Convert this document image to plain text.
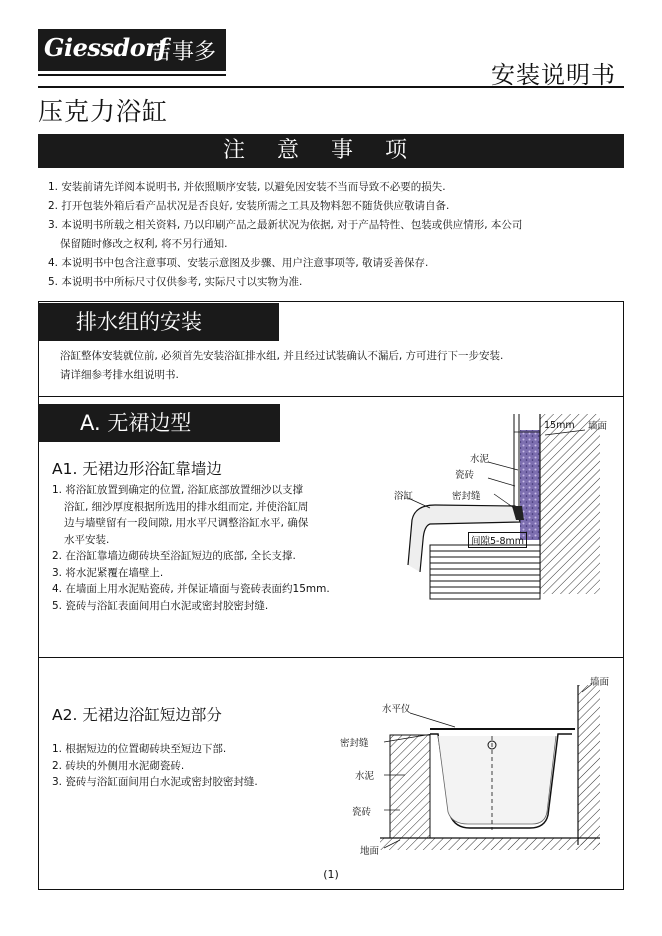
Giessdorf
吉事多
安装说明书
压克力浴缸
注意事项
1. 安装前请先详阅本说明书, 并依照顺序安装, 以避免因安装不当而导致不必要的损失.
2. 打开包装外箱后看产品状况是否良好, 安装所需之工具及物料恕不随货供应敬请自备.
3. 本说明书所载之相关资料, 乃以印刷产品之最新状况为依据, 对于产品特性、包装或供应情形, 本公司
保留随时修改之权利, 将不另行通知.
4. 本说明书中包含注意事项、安装示意图及步骤、用户注意事项等, 敬请妥善保存.
5. 本说明书中所标尺寸仅供参考, 实际尺寸以实物为准.
排水组的安装

浴缸整体安装就位前, 必须首先安装浴缸排水组, 并且经过试装确认不漏后, 方可进行下一步安装.

请详细参考排水组说明书.

A. 无裙边型
A1. 无裙边形浴缸靠墙边
1. 将浴缸放置到确定的位置, 浴缸底部放置细沙以支撑
浴缸, 细沙厚度根据所选用的排水组而定, 并使浴缸周
边与墙壁留有一段间隙, 用水平尺调整浴缸水平, 确保
水平安装.
2. 在浴缸靠墙边砌砖块至浴缸短边的底部, 全长支撑.
3. 将水泥紧覆在墙壁上.
4. 在墙面上用水泥贴瓷砖, 并保证墙面与瓷砖表面约15mm.
5. 瓷砖与浴缸表面间用白水泥或密封胶密封缝.
15mm 墙面
水泥
瓷砖
浴缸	密封缝
间隙5-8mm
A2. 无裙边浴缸短边部分
1. 根据短边的位置砌砖块至短边下部.
2. 砖块的外侧用水泥砌瓷砖.
3. 瓷砖与浴缸面间用白水泥或密封胶密封缝.
水平仪
墙面
密封缝
水泥
瓷砖
地面
(1)
